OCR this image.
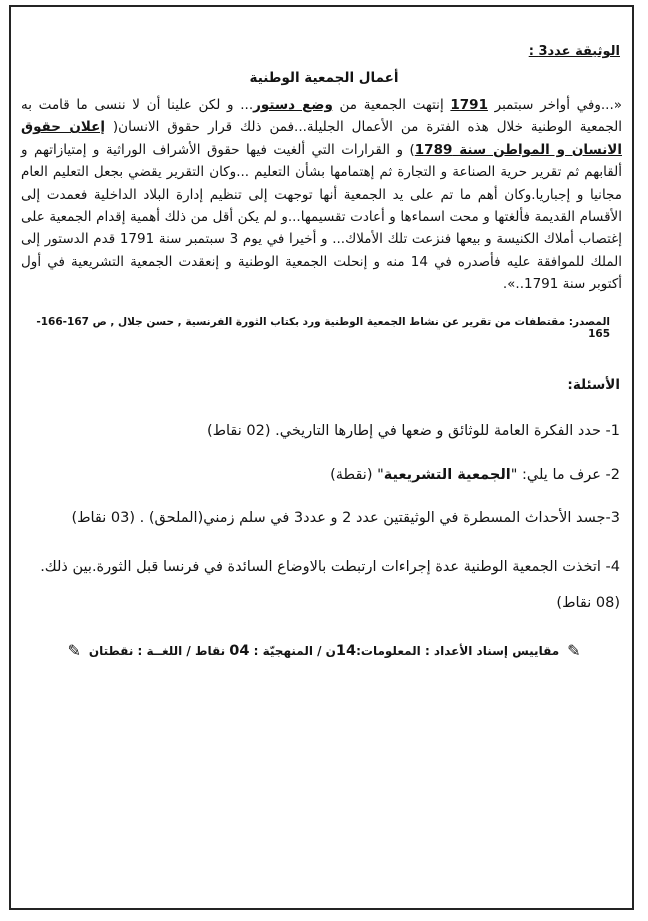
الوثيقة عدد3 :
أعمال الجمعية الوطنية
«...وفي أواخر سبتمبر 1791 إنتهت الجمعية من وضع دستور... و لكن علينا أن لا ننسى ما قامت به الجمعية الوطنية خلال هذه الفترة من الأعمال الجليلة...فمن ذلك قرار حقوق الانسان( إعلان حقوق الانسان و المواطن سنة 1789) و القرارات التي ألغيت فيها حقوق الأشراف الوراثية و إمتيازاتهم و ألقابهم ثم تقرير حرية الصناعة و التجارة ثم إهتمامها بشأن التعليم ...وكان التقرير يقضي بجعل التعليم العام مجانيا و إجباريا.وكان أهم ما تم على يد الجمعية أنها توجهت إلى تنظيم إدارة البلاد الداخلية فعمدت إلى الأقسام القديمة فألغتها و محت اسماءها و أعادت تقسيمها...و لم يكن أقل من ذلك أهمية إقدام الجمعية على إغتصاب أملاك الكنيسة و بيعها فنزعت تلك الأملاك... و أخيرا في يوم 3 سبتمبر سنة 1791 قدم الدستور إلى الملك للموافقة عليه فأصدره في 14 منه و إنحلت الجمعية الوطنية و إنعقدت الجمعية التشريعية في أول أكتوبر سنة 1791..».
المصدر: مقتطفات من تقرير عن نشاط الجمعية الوطنية ورد بكتاب الثورة الفرنسية , حسن جلال , ص 167-166-165
الأسئلة:
1- حدد الفكرة العامة للوثائق و ضعها في إطارها التاريخي. (02 نقاط)
2- عرف ما يلي: "الجمعية التشريعية" (نقطة)
3-جسد الأحداث المسطرة في الوثيقتين عدد 2 و عدد3 في سلم زمني(الملحق) . (03 نقاط)
4- اتخذت الجمعية الوطنية عدة إجراءات ارتبطت بالاوضاع السائدة في فرنسا قبل الثورة.بين ذلك. (08 نقاط)
✎مقاييس إسناد الأعداد : المعلومات:14ن / المنهجيّة : 04 نقاط / اللغــة : نقطتان✎
